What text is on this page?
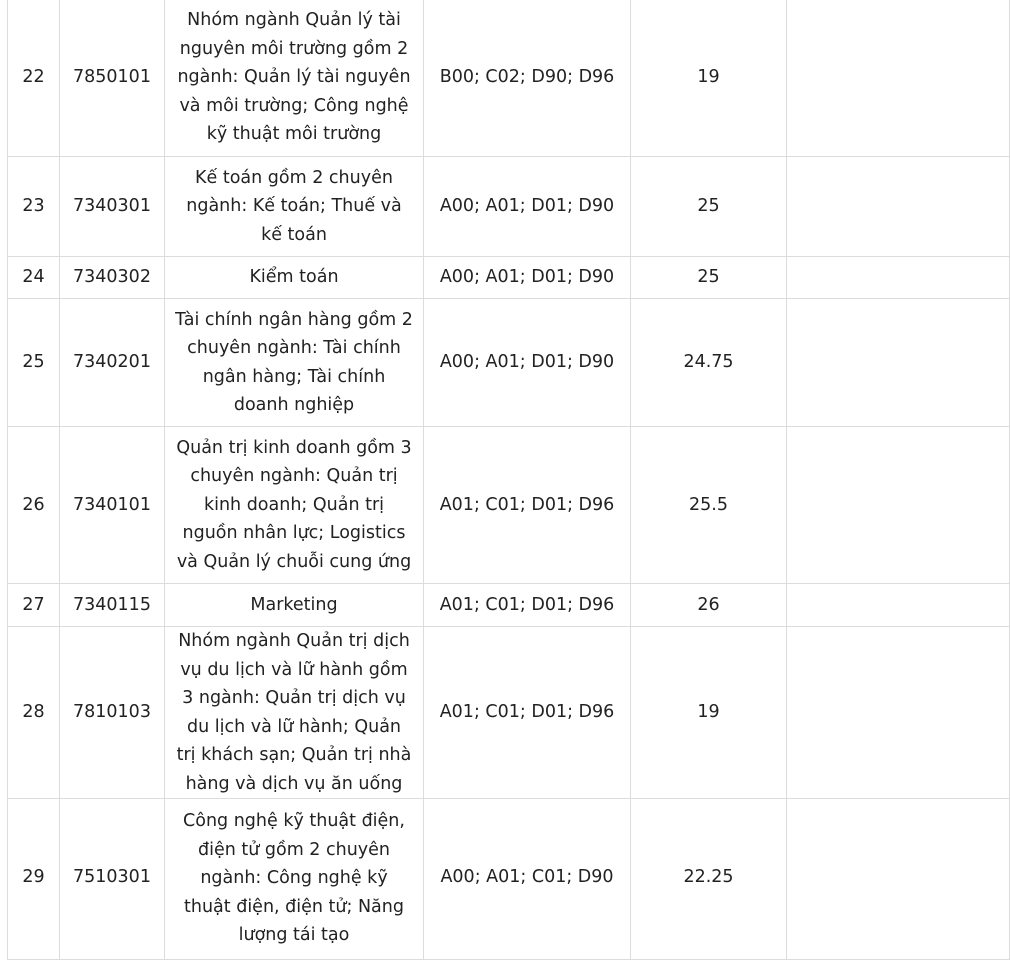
22	7850101	Nhóm ngành Quản lý tài nguyên môi trường gồm 2 ngành: Quản lý tài nguyên và môi trường; Công nghệ kỹ thuật môi trường	B00; C02; D90; D96	19	
23	7340301	Kế toán gồm 2 chuyên ngành: Kế toán; Thuế và kế toán	A00; A01; D01; D90	25	
24	7340302	Kiểm toán	A00; A01; D01; D90	25	
25	7340201	Tài chính ngân hàng gồm 2 chuyên ngành: Tài chính ngân hàng; Tài chính doanh nghiệp	A00; A01; D01; D90	24.75	
26	7340101	Quản trị kinh doanh gồm 3 chuyên ngành: Quản trị kinh doanh; Quản trị nguồn nhân lực; Logistics và Quản lý chuỗi cung ứng	A01; C01; D01; D96	25.5	
27	7340115	Marketing	A01; C01; D01; D96	26	
28	7810103	Nhóm ngành Quản trị dịch vụ du lịch và lữ hành gồm 3 ngành: Quản trị dịch vụ du lịch và lữ hành; Quản trị khách sạn; Quản trị nhà hàng và dịch vụ ăn uống	A01; C01; D01; D96	19	

29	7510301	Công nghệ kỹ thuật điện, điện tử gồm 2 chuyên ngành: Công nghệ kỹ thuật điện, điện tử; Năng lượng tái tạo	A00; A01; C01; D90	22.25	
